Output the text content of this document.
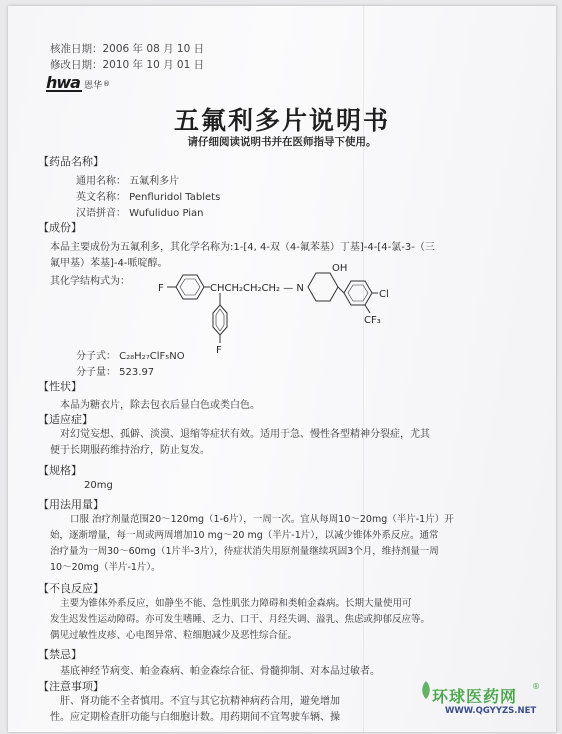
核准日期：2006 年 08 月 10 日
修改日期：2010 年 10 月 01 日
hwa 恩华 ®
五氟利多片说明书
请仔细阅读说明书并在医师指导下使用。
【药品名称】
通用名称： 五氟利多片
英文名称： Penfluridol Tablets
汉语拼音： Wufuliduo Pian
【成份】
本品主要成份为五氟利多，其化学名称为:1-[4, 4-双（4-氟苯基）丁基]-4-[4-氯-3-（三
氟甲基）苯基]-4-哌啶醇。
其化学结构式为：
F	CHCH₂CH₂CH₂ — N
OH
Cl
CF₃
F
分子式： C₂₈H₂₇ClF₅NO
分子量： 523.97
【性状】
本品为糖衣片，除去包衣后显白色或类白色。
【适应症】
对幻觉妄想、孤僻、淡漠、退缩等症状有效。适用于急、慢性各型精神分裂症，尤其
便于长期服药维持治疗，防止复发。
【规格】
20mg
【用法用量】
口服 治疗剂量范围20～120mg（1-6片），一周一次。宜从每周10～20mg（半片-1片）开
始，逐渐增量，每一周或两周增加10 mg～20 mg（半片-1片），以减少锥体外系反应。通常
治疗量为一周30～60mg（1片半-3片），待症状消失用原剂量继续巩固3个月，维持剂量一周
10～20mg（半片-1片）。
【不良反应】
主要为锥体外系反应，如静坐不能、急性肌张力障碍和类帕金森病。长期大量使用可
发生迟发性运动障碍。亦可发生嗜睡、乏力、口干、月经失调、溢乳、焦虑或抑郁反应等。
偶见过敏性皮疹、心电图异常、粒细胞减少及恶性综合征。
【禁忌】
基底神经节病变、帕金森病、帕金森综合征、骨髓抑制、对本品过敏者。
【注意事项】
肝、肾功能不全者慎用。不宜与其它抗精神病药合用，避免增加
性。应定期检查肝功能与白细胞计数。用药期间不宜驾驶车辆、操
环球医药网
®
WWW.QGYYZS.NET
